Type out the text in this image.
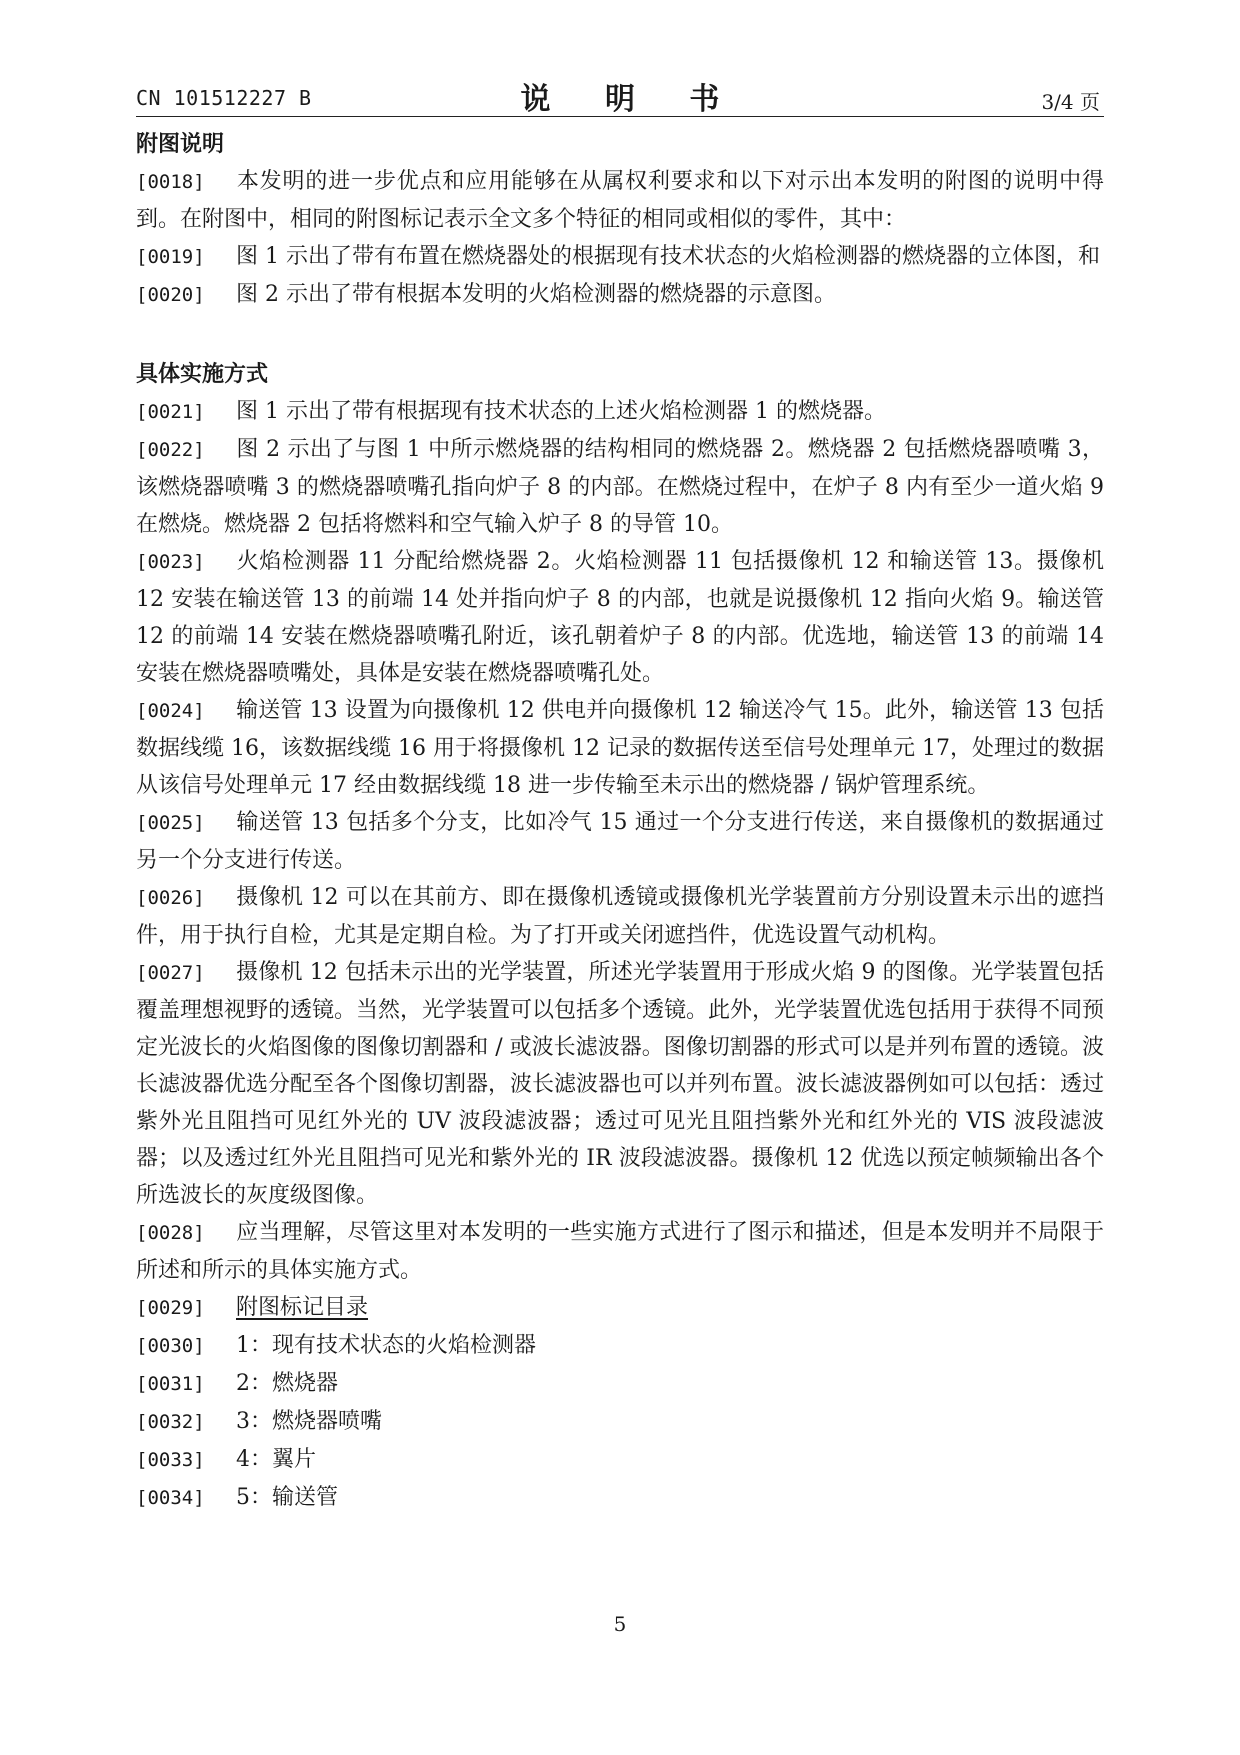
CN 101512227 B	说 明 书	3/4 页
附图说明
[0018] 本发明的进一步优点和应用能够在从属权利要求和以下对示出本发明的附图的说明中得到。在附图中，相同的附图标记表示全文多个特征的相同或相似的零件，其中：
[0019] 图 1 示出了带有布置在燃烧器处的根据现有技术状态的火焰检测器的燃烧器的立体图，和
[0020] 图 2 示出了带有根据本发明的火焰检测器的燃烧器的示意图。
具体实施方式
[0021] 图 1 示出了带有根据现有技术状态的上述火焰检测器 1 的燃烧器。
[0022] 图 2 示出了与图 1 中所示燃烧器的结构相同的燃烧器 2。燃烧器 2 包括燃烧器喷嘴 3，该燃烧器喷嘴 3 的燃烧器喷嘴孔指向炉子 8 的内部。在燃烧过程中，在炉子 8 内有至少一道火焰 9 在燃烧。燃烧器 2 包括将燃料和空气输入炉子 8 的导管 10。
[0023] 火焰检测器 11 分配给燃烧器 2。火焰检测器 11 包括摄像机 12 和输送管 13。摄像机 12 安装在输送管 13 的前端 14 处并指向炉子 8 的内部，也就是说摄像机 12 指向火焰 9。输送管 12 的前端 14 安装在燃烧器喷嘴孔附近，该孔朝着炉子 8 的内部。优选地，输送管 13 的前端 14 安装在燃烧器喷嘴处，具体是安装在燃烧器喷嘴孔处。
[0024] 输送管 13 设置为向摄像机 12 供电并向摄像机 12 输送冷气 15。此外，输送管 13 包括数据线缆 16，该数据线缆 16 用于将摄像机 12 记录的数据传送至信号处理单元 17，处理过的数据从该信号处理单元 17 经由数据线缆 18 进一步传输至未示出的燃烧器 / 锅炉管理系统。
[0025] 输送管 13 包括多个分支，比如冷气 15 通过一个分支进行传送，来自摄像机的数据通过另一个分支进行传送。
[0026] 摄像机 12 可以在其前方、即在摄像机透镜或摄像机光学装置前方分别设置未示出的遮挡件，用于执行自检，尤其是定期自检。为了打开或关闭遮挡件，优选设置气动机构。
[0027] 摄像机 12 包括未示出的光学装置，所述光学装置用于形成火焰 9 的图像。光学装置包括覆盖理想视野的透镜。当然，光学装置可以包括多个透镜。此外，光学装置优选包括用于获得不同预定光波长的火焰图像的图像切割器和 / 或波长滤波器。图像切割器的形式可以是并列布置的透镜。波长滤波器优选分配至各个图像切割器，波长滤波器也可以并列布置。波长滤波器例如可以包括：透过紫外光且阻挡可见红外光的 UV 波段滤波器；透过可见光且阻挡紫外光和红外光的 VIS 波段滤波器；以及透过红外光且阻挡可见光和紫外光的 IR 波段滤波器。摄像机 12 优选以预定帧频输出各个所选波长的灰度级图像。
[0028] 应当理解，尽管这里对本发明的一些实施方式进行了图示和描述，但是本发明并不局限于所述和所示的具体实施方式。
[0029] 附图标记目录
[0030] 1：现有技术状态的火焰检测器
[0031] 2：燃烧器
[0032] 3：燃烧器喷嘴
[0033] 4：翼片
[0034] 5：输送管
5
